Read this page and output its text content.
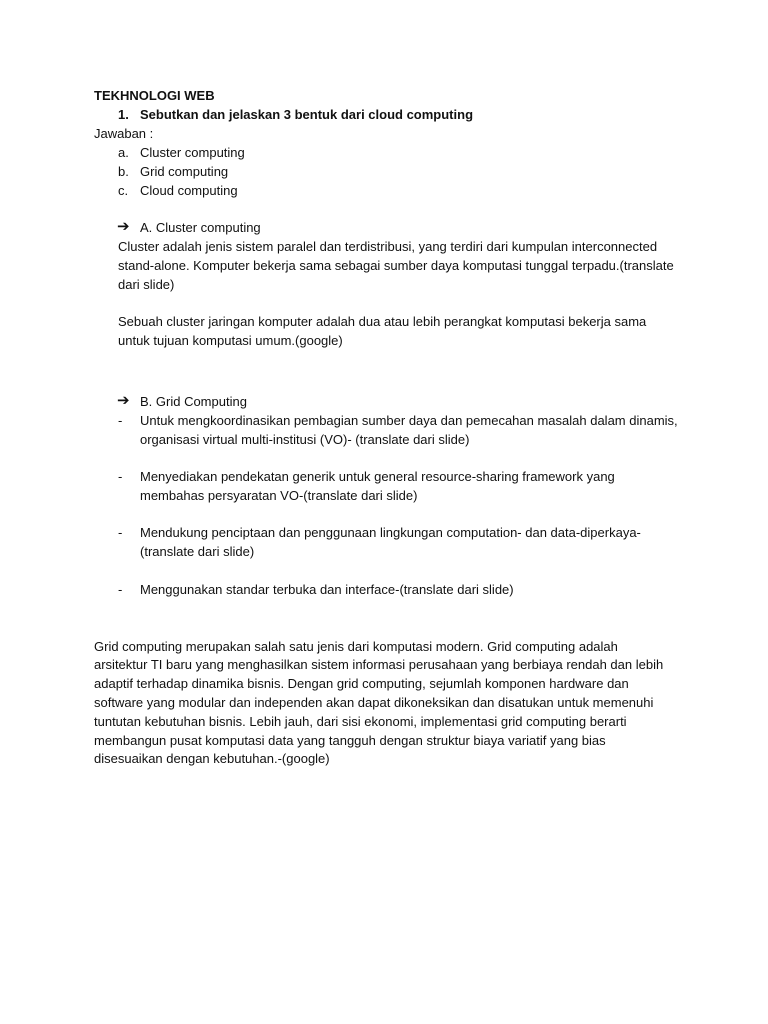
TEKHNOLOGI WEB
1. Sebutkan dan jelaskan 3 bentuk dari cloud computing
Jawaban :
a. Cluster computing
b. Grid computing
c. Cloud computing
➔ A. Cluster computing
Cluster adalah jenis sistem paralel dan terdistribusi, yang terdiri dari kumpulan interconnected
stand-alone. Komputer bekerja sama sebagai sumber daya komputasi tunggal terpadu.(translate
dari slide)
Sebuah cluster jaringan komputer adalah dua atau lebih perangkat komputasi bekerja sama
untuk tujuan komputasi umum.(google)
➔ B. Grid Computing
- Untuk mengkoordinasikan pembagian sumber daya dan pemecahan masalah dalam dinamis,
organisasi virtual multi-institusi (VO)- (translate dari slide)
- Menyediakan pendekatan generik untuk general resource-sharing framework yang
membahas persyaratan VO-(translate dari slide)
- Mendukung penciptaan dan penggunaan lingkungan computation- dan data-diperkaya-
(translate dari slide)
- Menggunakan standar terbuka dan interface-(translate dari slide)
Grid computing merupakan salah satu jenis dari komputasi modern. Grid computing adalah
arsitektur TI baru yang menghasilkan sistem informasi perusahaan yang berbiaya rendah dan lebih
adaptif terhadap dinamika bisnis. Dengan grid computing, sejumlah komponen hardware dan
software yang modular dan independen akan dapat dikoneksikan dan disatukan untuk memenuhi
tuntutan kebutuhan bisnis. Lebih jauh, dari sisi ekonomi, implementasi grid computing berarti
membangun pusat komputasi data yang tangguh dengan struktur biaya variatif yang bias
disesuaikan dengan kebutuhan.-(google)
